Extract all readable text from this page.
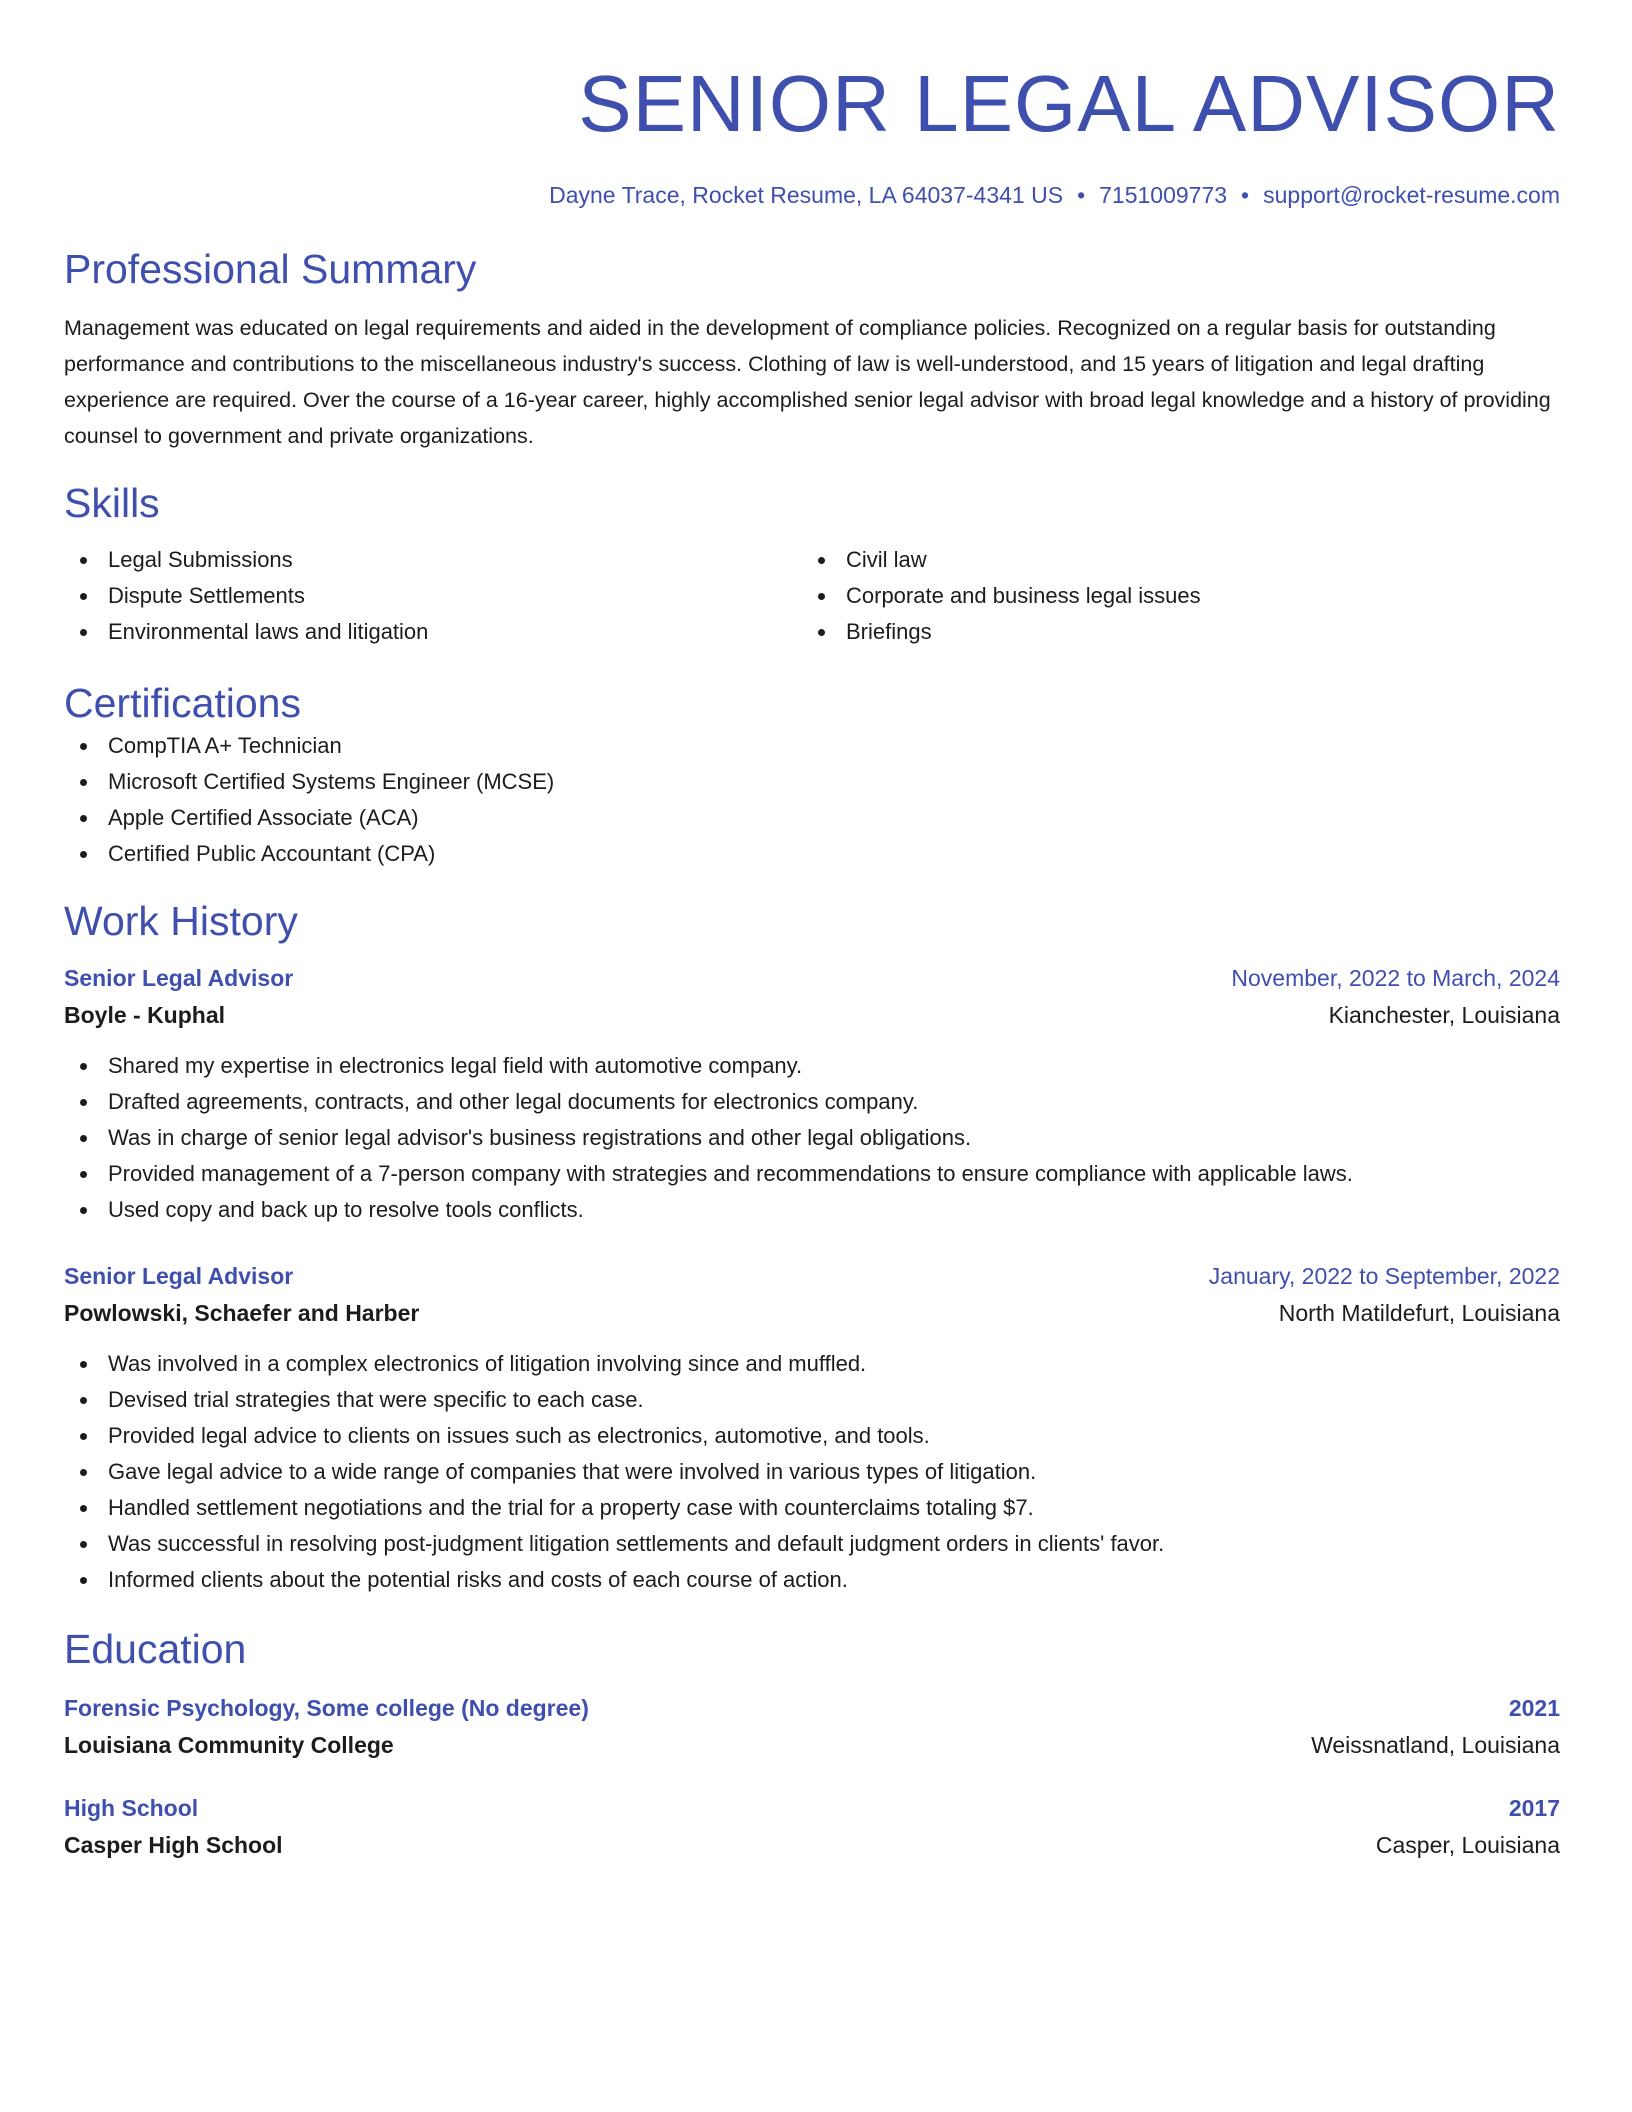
SENIOR LEGAL ADVISOR
Dayne Trace, Rocket Resume, LA 64037-4341 US • 7151009773 • support@rocket-resume.com
Professional Summary

Management was educated on legal requirements and aided in the development of compliance policies. Recognized on a regular basis for outstanding performance and contributions to the miscellaneous industry's success. Clothing of law is well-understood, and 15 years of litigation and legal drafting experience are required. Over the course of a 16-year career, highly accomplished senior legal advisor with broad legal knowledge and a history of providing counsel to government and private organizations.

Skills
Legal Submissions
Dispute Settlements
Environmental laws and litigation
Civil law
Corporate and business legal issues
Briefings
Certifications
CompTIA A+ Technician
Microsoft Certified Systems Engineer (MCSE)
Apple Certified Associate (ACA)
Certified Public Accountant (CPA)
Work History
Senior Legal Advisor	November, 2022 to March, 2024
Boyle - Kuphal	Kianchester, Louisiana
Shared my expertise in electronics legal field with automotive company.
Drafted agreements, contracts, and other legal documents for electronics company.
Was in charge of senior legal advisor's business registrations and other legal obligations.
Provided management of a 7-person company with strategies and recommendations to ensure compliance with applicable laws.
Used copy and back up to resolve tools conflicts.
Senior Legal Advisor	January, 2022 to September, 2022
Powlowski, Schaefer and Harber	North Matildefurt, Louisiana
Was involved in a complex electronics of litigation involving since and muffled.
Devised trial strategies that were specific to each case.
Provided legal advice to clients on issues such as electronics, automotive, and tools.
Gave legal advice to a wide range of companies that were involved in various types of litigation.
Handled settlement negotiations and the trial for a property case with counterclaims totaling $7.
Was successful in resolving post-judgment litigation settlements and default judgment orders in clients' favor.
Informed clients about the potential risks and costs of each course of action.
Education
Forensic Psychology, Some college (No degree)	2021
Louisiana Community College	Weissnatland, Louisiana
High School	2017
Casper High School	Casper, Louisiana
